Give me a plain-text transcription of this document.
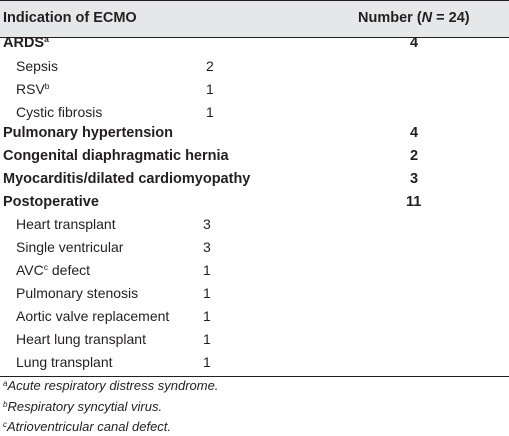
Indication of ECMO	Number (N = 24)
ARDS$^a$	4
Sepsis	2
RSV$^b$	1
Cystic fibrosis	1
Pulmonary hypertension	4
Congenital diaphragmatic hernia	2
Myocarditis/dilated cardiomyopathy	3
Postoperative	11
Heart transplant	3
Single ventricular	3
AVC$^c$ defect	1
Pulmonary stenosis	1
Aortic valve replacement 1
Heart lung transplant	1
Lung transplant	1
$^a$Acute respiratory distress syndrome.
$^b$Respiratory syncytial virus.
$^c$Atrioventricular canal defect.
